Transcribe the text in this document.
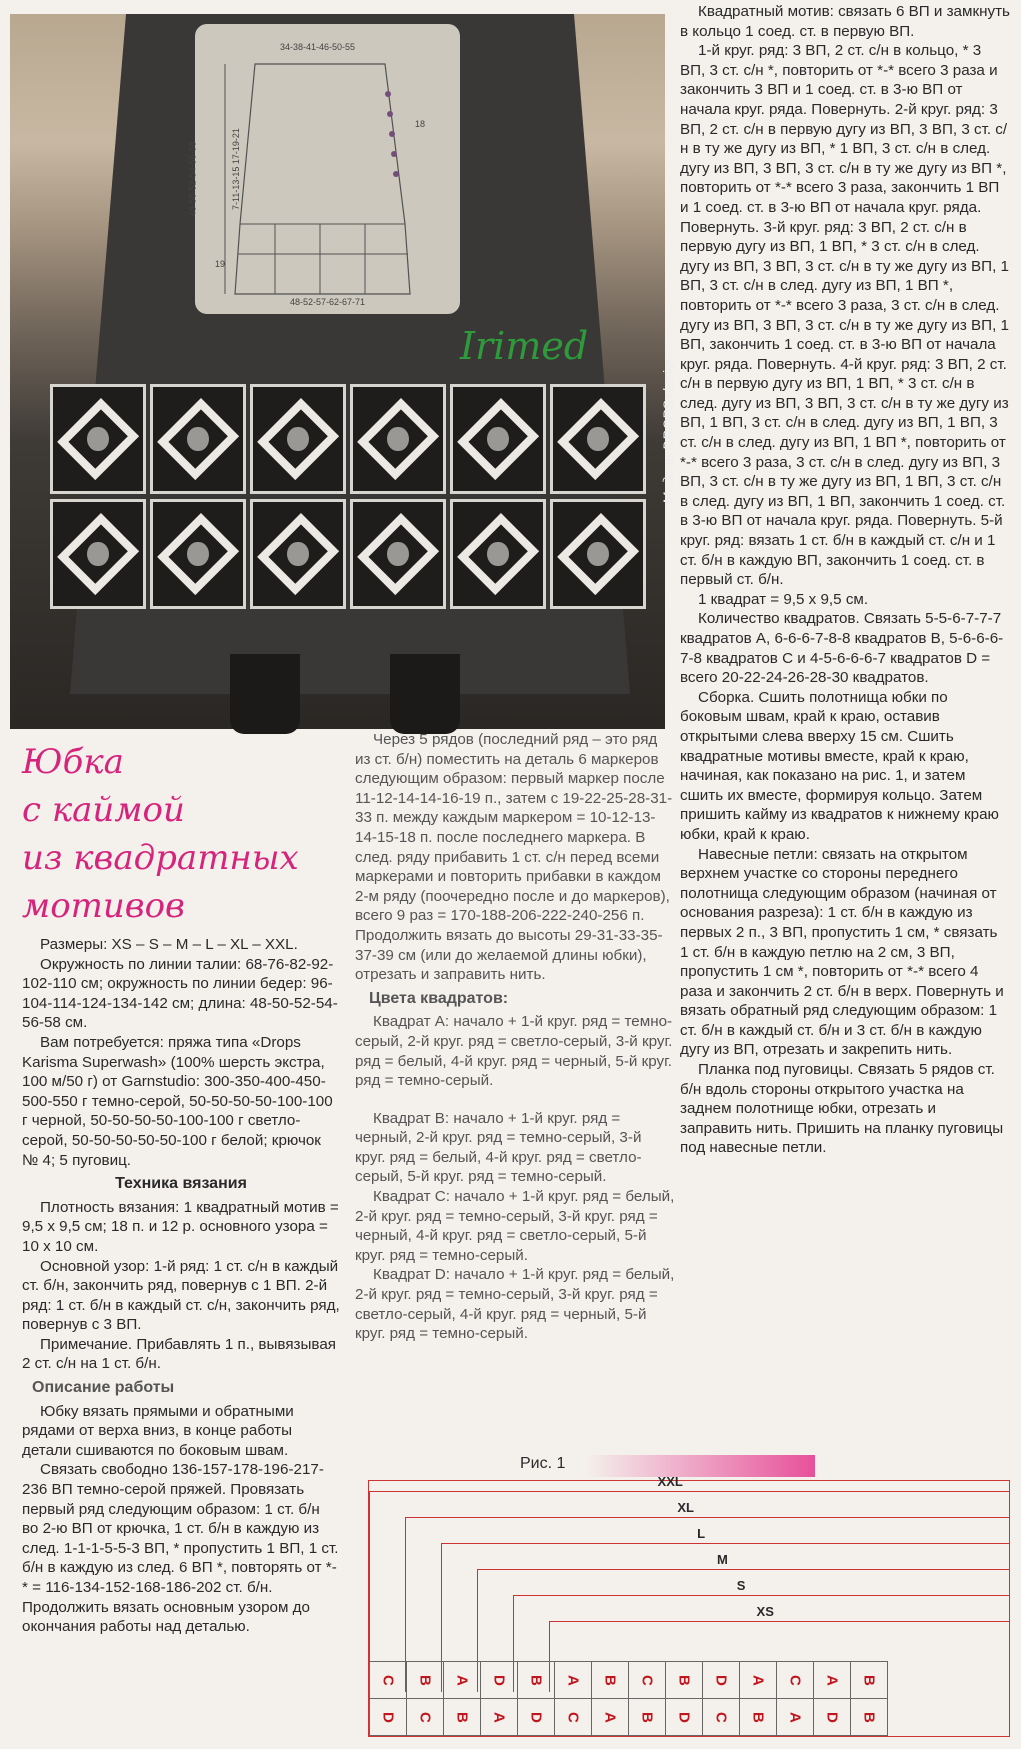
34-38-41-46-50-55
48-50-52-54-56-58	7-11-13-15 17-19-21
18
19
48-52-57-62-67-71
Irimed
Модель DROPS design
Юбка
с каймой
из квадратных
мотивов

Размеры: XS – S – M – L – XL – XXL.

Окружность по линии талии: 68-76-82-92-102-110 см; окружность по линии бедер: 96-104-114-124-134-142 см; длина: 48-50-52-54-56-58 см.

Вам потребуется: пряжа типа «Drops Karisma Superwash» (100% шерсть экстра, 100 м/50 г) от Garnstudio: 300-350-400-450-500-550 г темно-серой, 50-50-50-50-100-100 г черной, 50-50-50-50-100-100 г светло-серой, 50-50-50-50-50-100 г белой; крючок № 4; 5 пуговиц.

Техника вязания

Плотность вязания: 1 квадратный мотив = 9,5 х 9,5 см; 18 п. и 12 р. основного узора = 10 х 10 см.

Основной узор: 1-й ряд: 1 ст. с/н в каждый ст. б/н, закончить ряд, повернув с 1 ВП. 2-й ряд: 1 ст. б/н в каждый ст. с/н, закончить ряд, повернув с 3 ВП.

Примечание. Прибавлять 1 п., вывязывая 2 ст. с/н на 1 ст. б/н.

Описание работы

Юбку вязать прямыми и обратными рядами от верха вниз, в конце работы детали сшиваются по боковым швам.

Связать свободно 136-157-178-196-217-236 ВП темно-серой пряжей. Провязать первый ряд следующим образом: 1 ст. б/н во 2-ю ВП от крючка, 1 ст. б/н в каждую из след. 1-1-1-5-5-3 ВП, * пропустить 1 ВП, 1 ст. б/н в каждую из след. 6 ВП *, повторять от *-* = 116-134-152-168-186-202 ст. б/н. Продолжить вязать основным узором до окончания работы над деталью.

Через 5 рядов (последний ряд – это ряд из ст. б/н) поместить на деталь 6 маркеров следующим образом: первый маркер после 11-12-14-14-16-19 п., затем с 19-22-25-28-31-33 п. между каждым маркером = 10-12-13-14-15-18 п. после последнего маркера. В след. ряду прибавить 1 ст. с/н перед всеми маркерами и повторить прибавки в каждом 2-м ряду (поочередно после и до маркеров), всего 9 раз = 170-188-206-222-240-256 п. Продолжить вязать до высоты 29-31-33-35-37-39 см (или до желаемой длины юбки), отрезать и заправить нить.

Цвета квадратов:

Квадрат А: начало + 1-й круг. ряд = темно-серый, 2-й круг. ряд = светло-серый, 3-й круг. ряд = белый, 4-й круг. ряд = черный, 5-й круг. ряд = темно-серый.

Квадрат В: начало + 1-й круг. ряд = черный, 2-й круг. ряд = темно-серый, 3-й круг. ряд = белый, 4-й круг. ряд = светло-серый, 5-й круг. ряд = темно-серый.

Квадрат С: начало + 1-й круг. ряд = белый, 2-й круг. ряд = темно-серый, 3-й круг. ряд = черный, 4-й круг. ряд = светло-серый, 5-й круг. ряд = темно-серый.

Квадрат D: начало + 1-й круг. ряд = белый, 2-й круг. ряд = темно-серый, 3-й круг. ряд = светло-серый, 4-й круг. ряд = черный, 5-й круг. ряд = темно-серый.

Квадратный мотив: связать 6 ВП и замкнуть в кольцо 1 соед. ст. в первую ВП.

1-й круг. ряд: 3 ВП, 2 ст. с/н в кольцо, * 3 ВП, 3 ст. с/н *, повторить от *-* всего 3 раза и закончить 3 ВП и 1 соед. ст. в 3-ю ВП от начала круг. ряда. Повернуть. 2-й круг. ряд: 3 ВП, 2 ст. с/н в первую дугу из ВП, 3 ВП, 3 ст. с/н в ту же дугу из ВП, * 1 ВП, 3 ст. с/н в след. дугу из ВП, 3 ВП, 3 ст. с/н в ту же дугу из ВП *, повторить от *-* всего 3 раза, закончить 1 ВП и 1 соед. ст. в 3-ю ВП от начала круг. ряда. Повернуть. 3-й круг. ряд: 3 ВП, 2 ст. с/н в первую дугу из ВП, 1 ВП, * 3 ст. с/н в след. дугу из ВП, 3 ВП, 3 ст. с/н в ту же дугу из ВП, 1 ВП, 3 ст. с/н в след. дугу из ВП, 1 ВП *, повторить от *-* всего 3 раза, 3 ст. с/н в след. дугу из ВП, 3 ВП, 3 ст. с/н в ту же дугу из ВП, 1 ВП, закончить 1 соед. ст. в 3-ю ВП от начала круг. ряда. Повернуть. 4-й круг. ряд: 3 ВП, 2 ст. с/н в первую дугу из ВП, 1 ВП, * 3 ст. с/н в след. дугу из ВП, 3 ВП, 3 ст. с/н в ту же дугу из ВП, 1 ВП, 3 ст. с/н в след. дугу из ВП, 1 ВП, 3 ст. с/н в след. дугу из ВП, 1 ВП *, повторить от *-* всего 3 раза, 3 ст. с/н в след. дугу из ВП, 3 ВП, 3 ст. с/н в ту же дугу из ВП, 1 ВП, 3 ст. с/н в след. дугу из ВП, 1 ВП, закончить 1 соед. ст. в 3-ю ВП от начала круг. ряда. Повернуть. 5-й круг. ряд: вязать 1 ст. б/н в каждый ст. с/н и 1 ст. б/н в каждую ВП, закончить 1 соед. ст. в первый ст. б/н.

1 квадрат = 9,5 х 9,5 см.

Количество квадратов. Связать 5-5-6-7-7-7 квадратов А, 6-6-6-7-8-8 квадратов В, 5-6-6-6-7-8 квадратов С и 4-5-6-6-6-7 квадратов D = всего 20-22-24-26-28-30 квадратов.

Сборка. Сшить полотнища юбки по боковым швам, край к краю, оставив открытыми слева вверху 15 см. Сшить квадратные мотивы вместе, край к краю, начиная, как показано на рис. 1, и затем сшить их вместе, формируя кольцо. Затем пришить кайму из квадратов к нижнему краю юбки, край к краю.

Навесные петли: связать на открытом верхнем участке со стороны переднего полотнища следующим образом (начиная от основания разреза): 1 ст. б/н в каждую из первых 2 п., 3 ВП, пропустить 1 см, * связать 1 ст. б/н в каждую петлю на 2 см, 3 ВП, пропустить 1 см *, повторить от *-* всего 4 раза и закончить 2 ст. б/н в верх. Повернуть и вязать обратный ряд следующим образом: 1 ст. б/н в каждый ст. б/н и 3 ст. б/н в каждую дугу из ВП, отрезать и закрепить нить.

Планка под пуговицы. Связать 5 рядов ст. б/н вдоль стороны открытого участка на заднем полотнище юбки, отрезать и заправить нить. Пришить на планку пуговицы под навесные петли.

Рис. 1
XXL
XL
L
M
S
XS
C	B	A	D	B	A	B	C	B	D	A	C	A	B
D	C	B	A	D	C	A	B	D	C	B	A	D	B
